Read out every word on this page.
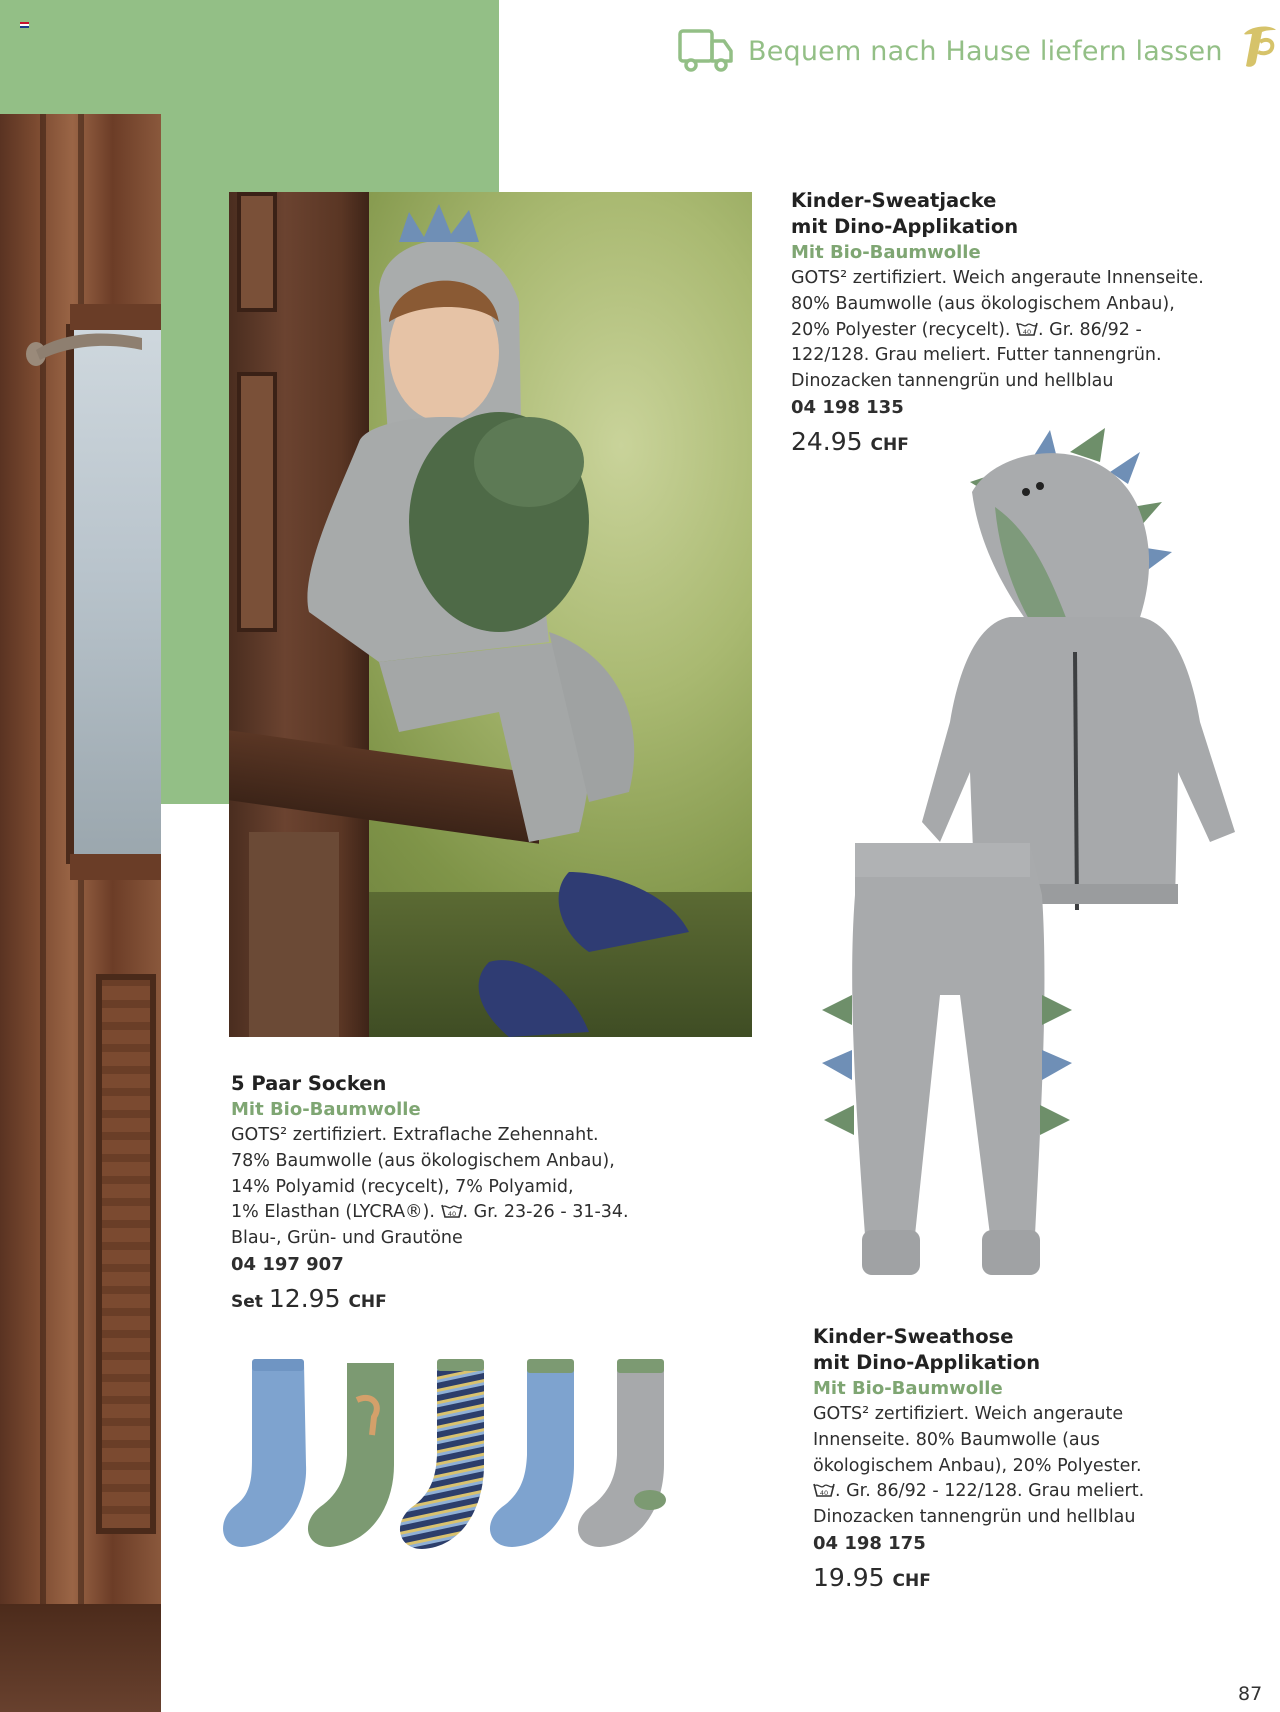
Bequem nach Hause liefern lassen
Kinder-Sweatjacke
mit Dino-Applikation
Mit Bio-Baumwolle
GOTS² zertifiziert. Weich angeraute Innenseite.
80% Baumwolle (aus ökologischem Anbau),
20% Polyester (recycelt). 40 . Gr. 86/92 -
122/128. Grau meliert. Futter tannengrün.
Dinozacken tannengrün und hellblau
04 198 135
24.95 CHF
5 Paar Socken
Mit Bio-Baumwolle
GOTS² zertifiziert. Extraflache Zehennaht.
78% Baumwolle (aus ökologischem Anbau),
14% Polyamid (recycelt), 7% Polyamid,
1% Elasthan (LYCRA®). 40 . Gr. 23-26 - 31-34.
Blau-, Grün- und Grautöne
04 197 907
Set 12.95 CHF
Kinder-Sweathose
mit Dino-Applikation
Mit Bio-Baumwolle
GOTS² zertifiziert. Weich angeraute
Innenseite. 80% Baumwolle (aus
ökologischem Anbau), 20% Polyester.
40 . Gr. 86/92 - 122/128. Grau meliert.
Dinozacken tannengrün und hellblau
04 198 175
19.95 CHF
87
